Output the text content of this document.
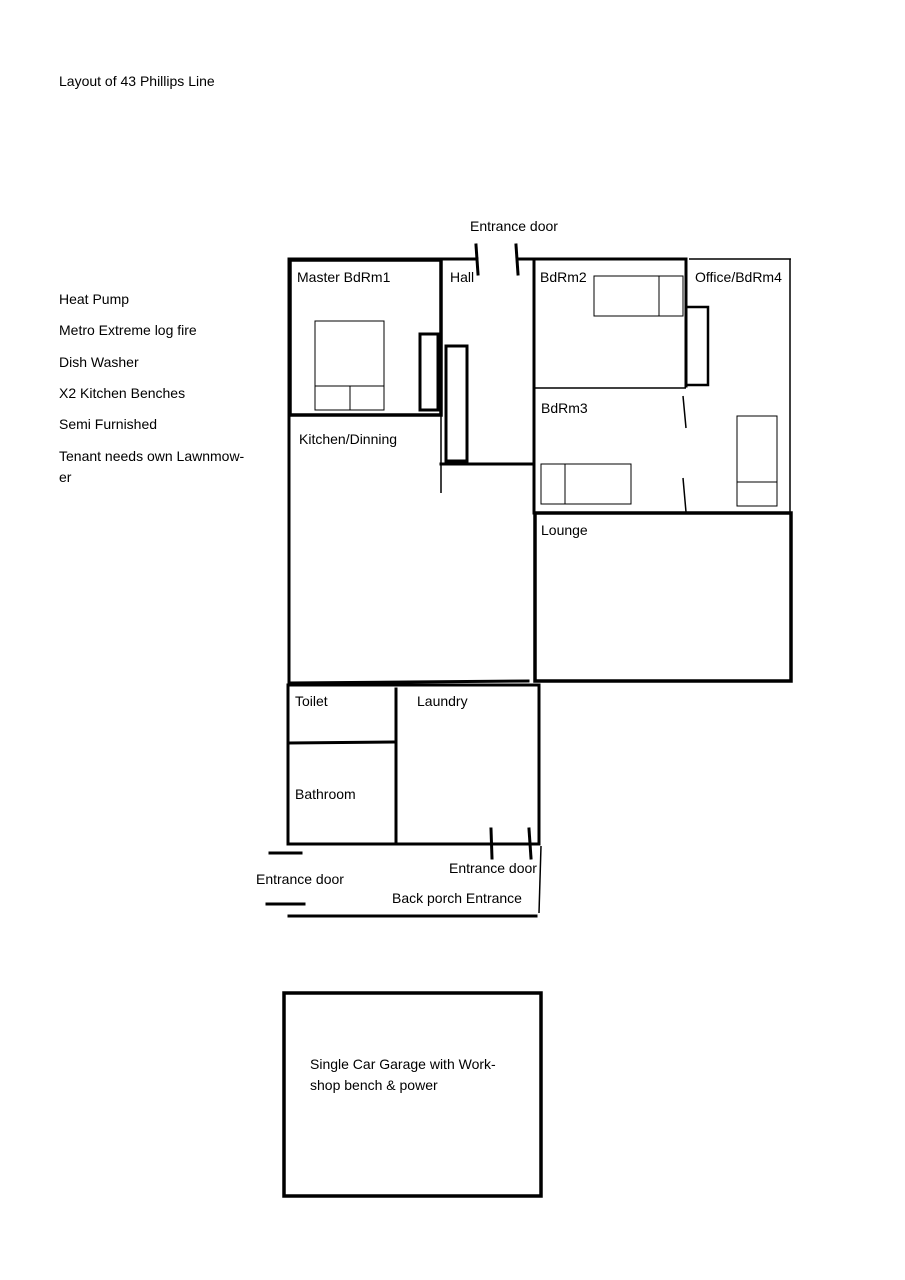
Layout of 43 Phillips Line
Heat Pump
Metro Extreme log fire
Dish Washer
X2 Kitchen Benches
Semi Furnished
Tenant needs own Lawnmow-
er
Master BdRm1	Hall	BdRm2	Office/BdRm4
BdRm3
Kitchen/Dinning
Lounge
Toilet	Laundry
Bathroom
Entrance door
Entrance door
Entrance door
Back porch Entrance
Single Car Garage with Work-
shop bench & power
